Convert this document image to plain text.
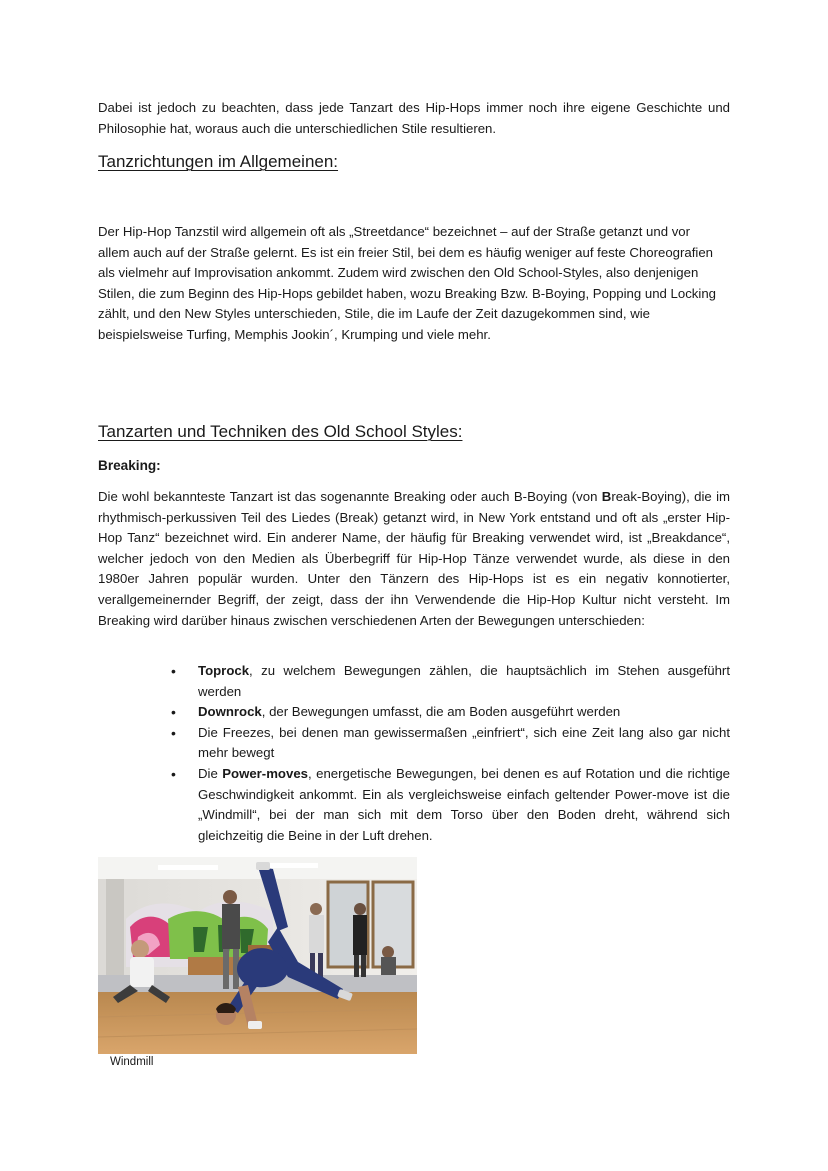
Dabei ist jedoch zu beachten, dass jede Tanzart des Hip-Hops immer noch ihre eigene Geschichte und Philosophie hat, woraus auch die unterschiedlichen Stile resultieren.

Tanzrichtungen im Allgemeinen:

Der Hip-Hop Tanzstil wird allgemein oft als „Streetdance“ bezeichnet – auf der Straße getanzt und vor allem auch auf der Straße gelernt. Es ist ein freier Stil, bei dem es häufig weniger auf feste Choreografien als vielmehr auf Improvisation ankommt. Zudem wird zwischen den Old School-Styles, also denjenigen Stilen, die zum Beginn des Hip-Hops gebildet haben, wozu Breaking Bzw. B-Boying, Popping und Locking zählt, und den New Styles unterschieden, Stile, die im Laufe der Zeit dazugekommen sind, wie beispielsweise Turfing, Memphis Jookin´, Krumping und viele mehr.

Tanzarten und Techniken des Old School Styles:
Breaking:

Die wohl bekannteste Tanzart ist das sogenannte Breaking oder auch B-Boying (von Break-Boying), die im rhythmisch-perkussiven Teil des Liedes (Break) getanzt wird, in New York entstand und oft als „erster Hip-Hop Tanz“ bezeichnet wird. Ein anderer Name, der häufig für Breaking verwendet wird, ist „Breakdance“, welcher jedoch von den Medien als Überbegriff für Hip-Hop Tänze verwendet wurde, als diese in den 1980er Jahren populär wurden. Unter den Tänzern des Hip-Hops ist es ein negativ konnotierter, verallgemeinernder Begriff, der zeigt, dass der ihn Verwendende die Hip-Hop Kultur nicht versteht. Im Breaking wird darüber hinaus zwischen verschiedenen Arten der Bewegungen unterschieden:

• Toprock, zu welchem Bewegungen zählen, die hauptsächlich im Stehen ausgeführt werden
• Downrock, der Bewegungen umfasst, die am Boden ausgeführt werden
• Die Freezes, bei denen man gewissermaßen „einfriert“, sich eine Zeit lang also gar nicht mehr bewegt
• Die Power-moves, energetische Bewegungen, bei denen es auf Rotation und die richtige Geschwindigkeit ankommt. Ein als vergleichsweise einfach geltender Power-move ist die „Windmill“, bei der man sich mit dem Torso über den Boden dreht, während sich gleichzeitig die Beine in der Luft drehen.

Windmill
